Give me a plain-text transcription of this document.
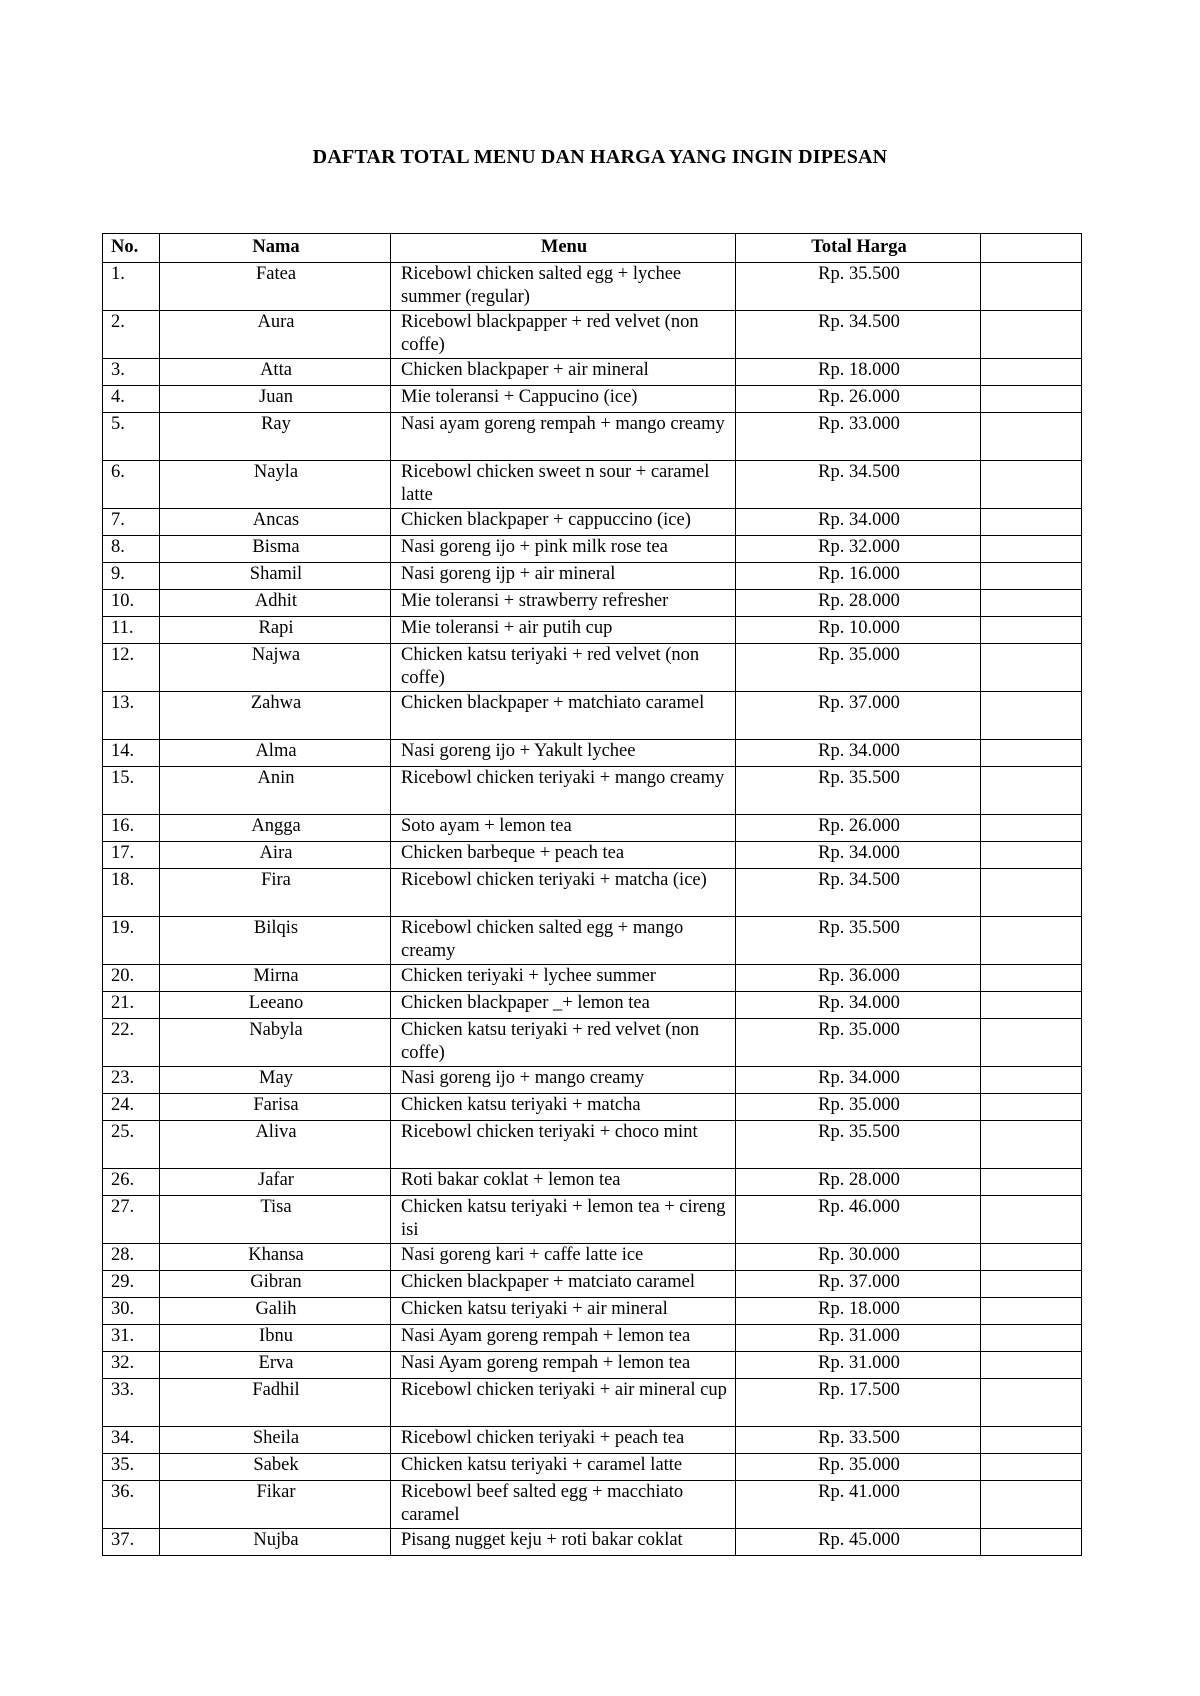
DAFTAR TOTAL MENU DAN HARGA YANG INGIN DIPESAN
No.	Nama	Menu	Total Harga	
1.	Fatea	Ricebowl chicken salted egg + lychee summer (regular)	Rp. 35.500	
2.	Aura	Ricebowl blackpapper + red velvet (non coffe)	Rp. 34.500	
3.	Atta	Chicken blackpaper + air mineral	Rp. 18.000	
4.	Juan	Mie toleransi + Cappucino (ice)	Rp. 26.000	
5.	Ray	Nasi ayam goreng rempah + mango creamy	Rp. 33.000	
6.	Nayla	Ricebowl chicken sweet n sour + caramel latte	Rp. 34.500	
7.	Ancas	Chicken blackpaper + cappuccino (ice)	Rp. 34.000	
8.	Bisma	Nasi goreng ijo + pink milk rose tea	Rp. 32.000	
9.	Shamil	Nasi goreng ijp + air mineral	Rp. 16.000	
10.	Adhit	Mie toleransi + strawberry refresher	Rp. 28.000	
11.	Rapi	Mie toleransi + air putih cup	Rp. 10.000	
12.	Najwa	Chicken katsu teriyaki + red velvet (non coffe)	Rp. 35.000	
13.	Zahwa	Chicken blackpaper + matchiato caramel	Rp. 37.000	
14.	Alma	Nasi goreng ijo + Yakult lychee	Rp. 34.000	
15.	Anin	Ricebowl chicken teriyaki + mango creamy	Rp. 35.500	
16.	Angga	Soto ayam + lemon tea	Rp. 26.000	
17.	Aira	Chicken barbeque + peach tea	Rp. 34.000	
18.	Fira	Ricebowl chicken teriyaki + matcha (ice)	Rp. 34.500	
19.	Bilqis	Ricebowl chicken salted egg + mango creamy	Rp. 35.500	
20.	Mirna	Chicken teriyaki + lychee summer	Rp. 36.000	
21.	Leeano	Chicken blackpaper _+ lemon tea	Rp. 34.000	
22.	Nabyla	Chicken katsu teriyaki + red velvet (non coffe)	Rp. 35.000	
23.	May	Nasi goreng ijo + mango creamy	Rp. 34.000	
24.	Farisa	Chicken katsu teriyaki + matcha	Rp. 35.000	
25.	Aliva	Ricebowl chicken teriyaki + choco mint	Rp. 35.500	
26.	Jafar	Roti bakar coklat + lemon tea	Rp. 28.000	
27.	Tisa	Chicken katsu teriyaki + lemon tea + cireng isi	Rp. 46.000	
28.	Khansa	Nasi goreng kari + caffe latte ice	Rp. 30.000	
29.	Gibran	Chicken blackpaper + matciato caramel	Rp. 37.000	
30.	Galih	Chicken katsu teriyaki + air mineral	Rp. 18.000	
31.	Ibnu	Nasi Ayam goreng rempah + lemon tea	Rp. 31.000	
32.	Erva	Nasi Ayam goreng rempah + lemon tea	Rp. 31.000	
33.	Fadhil	Ricebowl chicken teriyaki + air mineral cup	Rp. 17.500	
34.	Sheila	Ricebowl chicken teriyaki + peach tea	Rp. 33.500	
35.	Sabek	Chicken katsu teriyaki + caramel latte	Rp. 35.000	
36.	Fikar	Ricebowl beef salted egg + macchiato caramel	Rp. 41.000	
37.	Nujba	Pisang nugget keju + roti bakar coklat	Rp. 45.000	
